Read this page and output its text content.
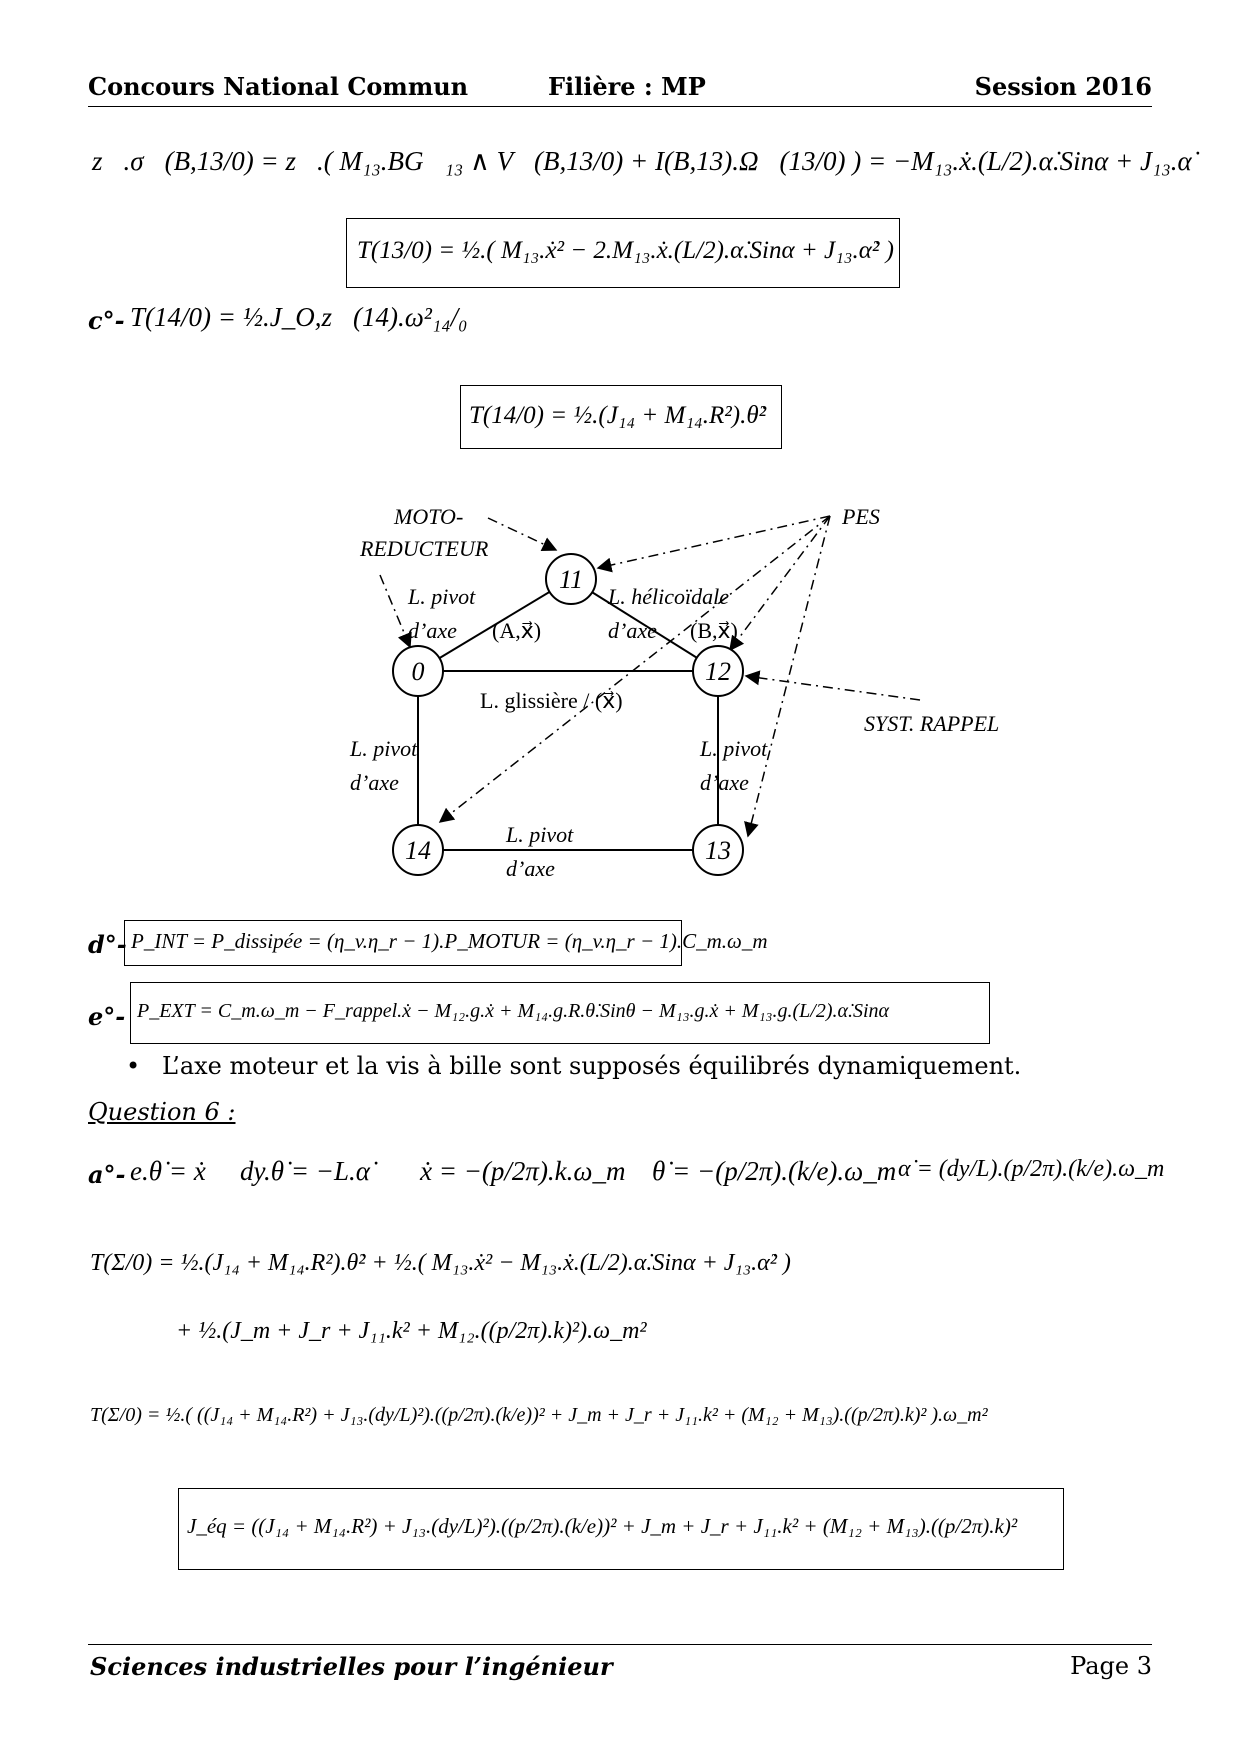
Concours National Commun	Filière : MP	Session 2016
z⃗.σ⃗(B,13/0) = z⃗.( M₁₃.BG⃗₁₃ ∧ V⃗(B,13/0) + I(B,13).Ω⃗(13/0) ) = −M₁₃.ẋ.(L/2).α̇.Sinα + J₁₃.α̇
T(13/0) = ½.( M₁₃.ẋ² − 2.M₁₃.ẋ.(L/2).α̇.Sinα + J₁₃.α̇² )
c°- T(14/0) = ½.J_O,z⃗(14).ω²₁₄/₀
T(14/0) = ½.(J₁₄ + M₁₄.R²).θ̇²
0
11
12
13
14
MOTO-
REDUCTEUR
PES
SYST. RAPPEL
L. pivot
d’axe (A,x⃗)
L. hélicoïdale
d’axe (B,x⃗)
L. glissière / (x⃗)
L. pivot
d’axe
L. pivot
d’axe
L. pivot
d’axe
d°- P_INT = P_dissipée = (η_v.η_r − 1).P_MOTUR = (η_v.η_r − 1).C_m.ω_m
e°- P_EXT = C_m.ω_m − F_rappel.ẋ − M₁₂.g.ẋ + M₁₄.g.R.θ̇.Sinθ − M₁₃.g.ẋ + M₁₃.g.(L/2).α̇.Sinα
• L’axe moteur et la vis à bille sont supposés équilibrés dynamiquement.
Question 6 :
a°- e.θ̇ = ẋ dy.θ̇ = −L.α̇ ẋ = −(p/2π).k.ω_m θ̇ = −(p/2π).(k/e).ω_m α̇ = (dy/L).(p/2π).(k/e).ω_m
T(Σ/0) = ½.(J₁₄ + M₁₄.R²).θ̇² + ½.( M₁₃.ẋ² − M₁₃.ẋ.(L/2).α̇.Sinα + J₁₃.α̇² )
+ ½.(J_m + J_r + J₁₁.k² + M₁₂.((p/2π).k)²).ω_m²
T(Σ/0) = ½.( ((J₁₄ + M₁₄.R²) + J₁₃.(dy/L)²).((p/2π).(k/e))² + J_m + J_r + J₁₁.k² + (M₁₂ + M₁₃).((p/2π).k)² ).ω_m²
J_éq = ((J₁₄ + M₁₄.R²) + J₁₃.(dy/L)²).((p/2π).(k/e))² + J_m + J_r + J₁₁.k² + (M₁₂ + M₁₃).((p/2π).k)²
Sciences industrielles pour l’ingénieur	Page 3
